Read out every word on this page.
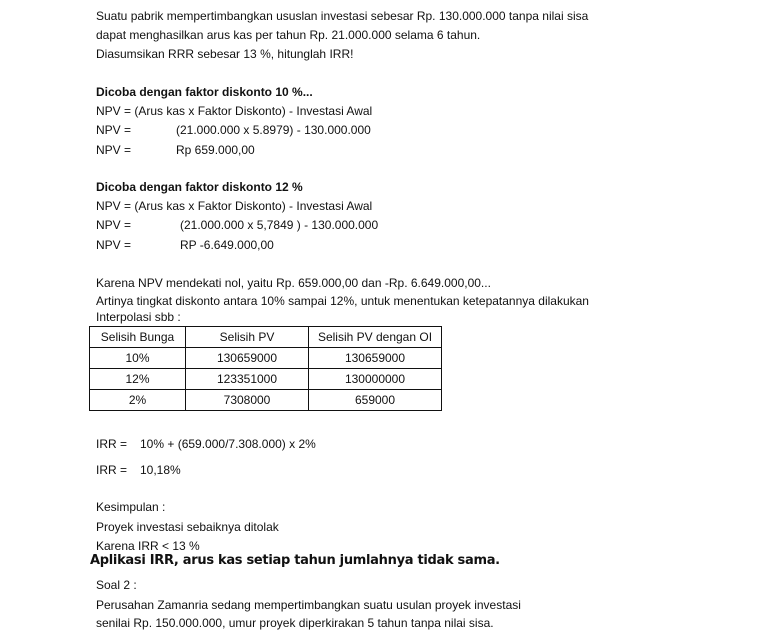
Suatu pabrik mempertimbangkan ususlan investasi sebesar Rp. 130.000.000 tanpa nilai sisa
dapat menghasilkan arus kas per tahun Rp. 21.000.000 selama 6 tahun.
Diasumsikan RRR sebesar 13 %, hitunglah IRR!
Dicoba dengan faktor diskonto 10 %...
NPV = (Arus kas x Faktor Diskonto) - Investasi Awal
NPV =	(21.000.000 x 5.8979) - 130.000.000
NPV =	Rp 659.000,00
Dicoba dengan faktor diskonto 12 %
NPV = (Arus kas x Faktor Diskonto) - Investasi Awal
NPV =	(21.000.000 x 5,7849 ) - 130.000.000
NPV =	RP -6.649.000,00
Karena NPV mendekati nol, yaitu Rp. 659.000,00 dan -Rp. 6.649.000,00...
Artinya tingkat diskonto antara 10% sampai 12%, untuk menentukan ketepatannya dilakukan
Interpolasi sbb :
Selisih Bunga	Selisih PV	Selisih PV dengan OI
10%	130659000	130659000
12%	123351000	130000000
2%	7308000	659000
IRR = 10% + (659.000/7.308.000) x 2%
IRR = 10,18%
Kesimpulan :
Proyek investasi sebaiknya ditolak
Karena IRR < 13 %
Aplikasi IRR, arus kas setiap tahun jumlahnya tidak sama.
Soal 2 :
Perusahan Zamanria sedang mempertimbangkan suatu usulan proyek investasi
senilai Rp. 150.000.000, umur proyek diperkirakan 5 tahun tanpa nilai sisa.
